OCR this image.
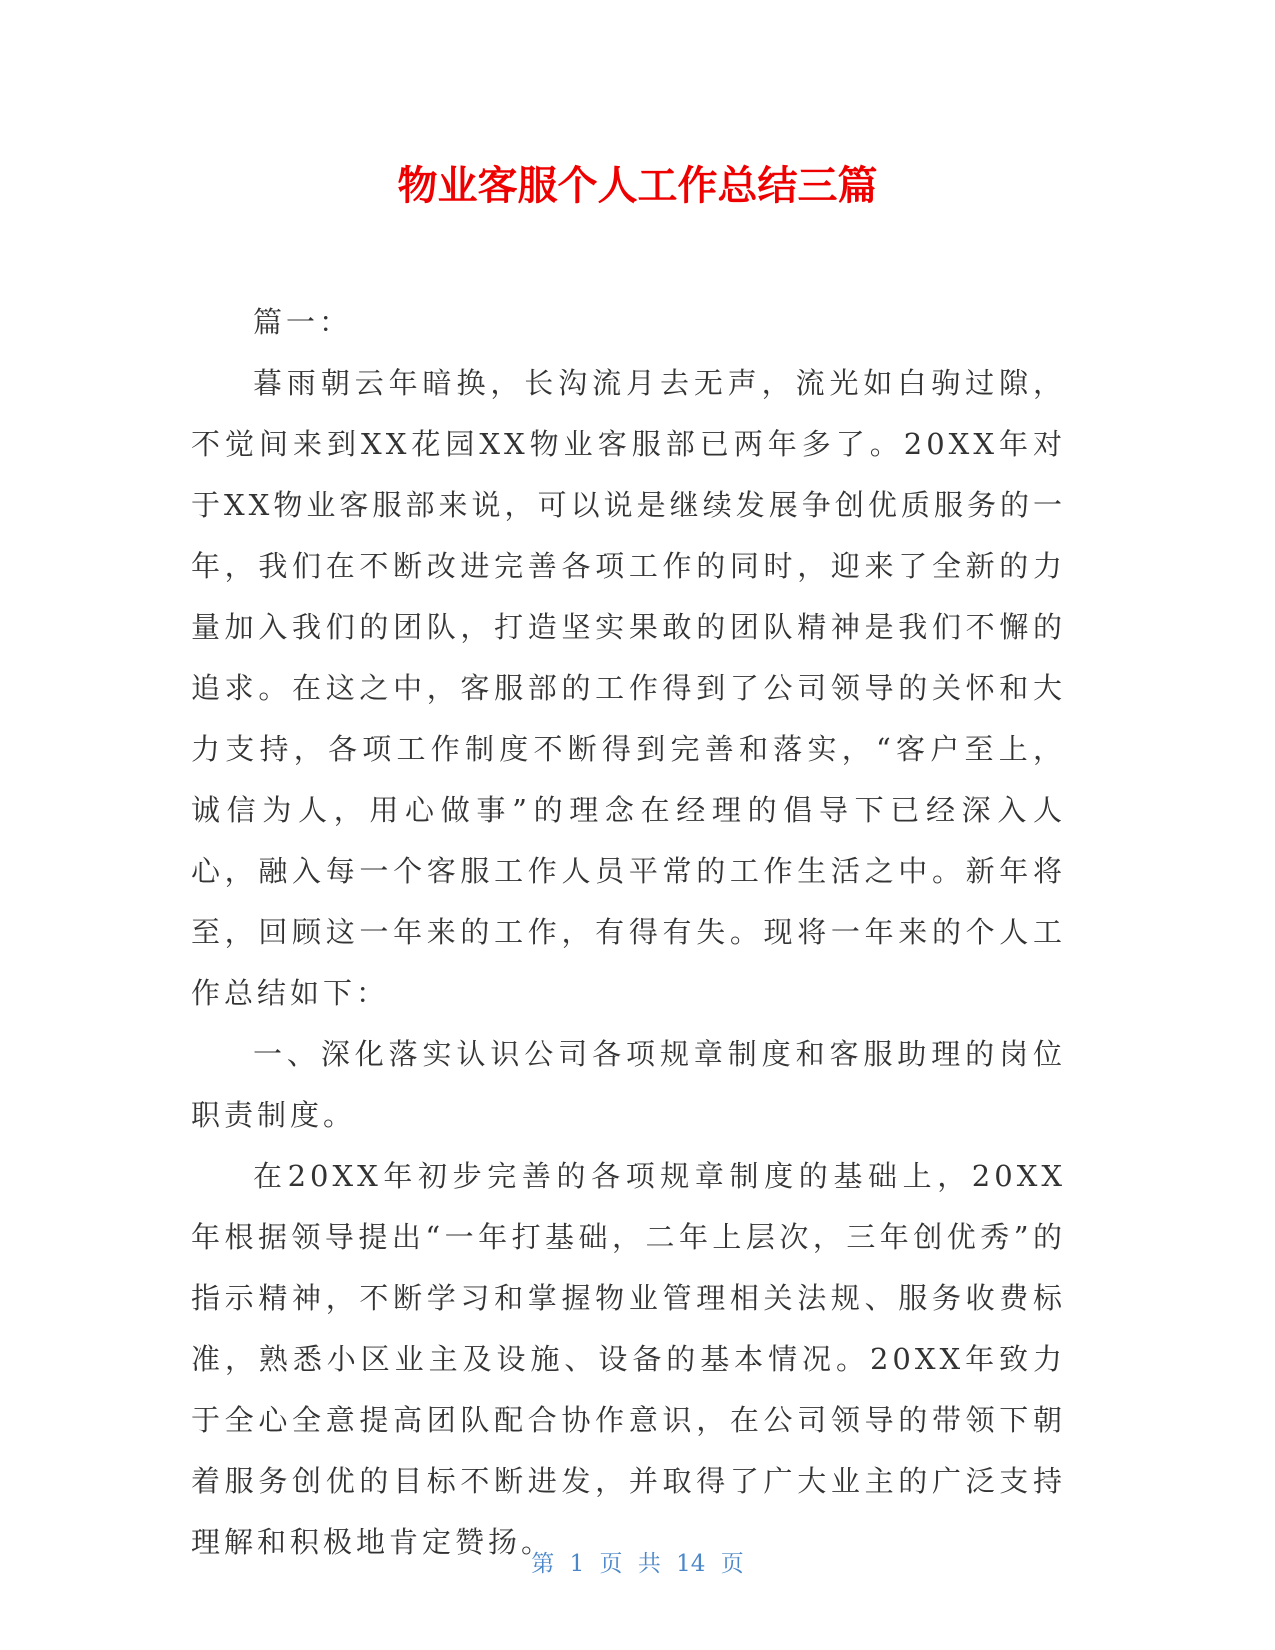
物业客服个人工作总结三篇

篇一：

暮雨朝云年暗换，长沟流月去无声，流光如白驹过隙，不觉间来到XX花园XX物业客服部已两年多了。20XX年对于XX物业客服部来说，可以说是继续发展争创优质服务的一年，我们在不断改进完善各项工作的同时，迎来了全新的力量加入我们的团队，打造坚实果敢的团队精神是我们不懈的追求。在这之中，客服部的工作得到了公司领导的关怀和大力支持，各项工作制度不断得到完善和落实，“客户至上，诚信为人，用心做事”的理念在经理的倡导下已经深入人心，融入每一个客服工作人员平常的工作生活之中。新年将至，回顾这一年来的工作，有得有失。现将一年来的个人工作总结如下：

一、深化落实认识公司各项规章制度和客服助理的岗位职责制度。

在20XX年初步完善的各项规章制度的基础上，20XX年根据领导提出“一年打基础，二年上层次，三年创优秀”的指示精神，不断学习和掌握物业管理相关法规、服务收费标准，熟悉小区业主及设施、设备的基本情况。20XX年致力于全心全意提高团队配合协作意识，在公司领导的带领下朝着服务创优的目标不断进发，并取得了广大业主的广泛支持理解和积极地肯定赞扬。

第 1 页 共 14 页
